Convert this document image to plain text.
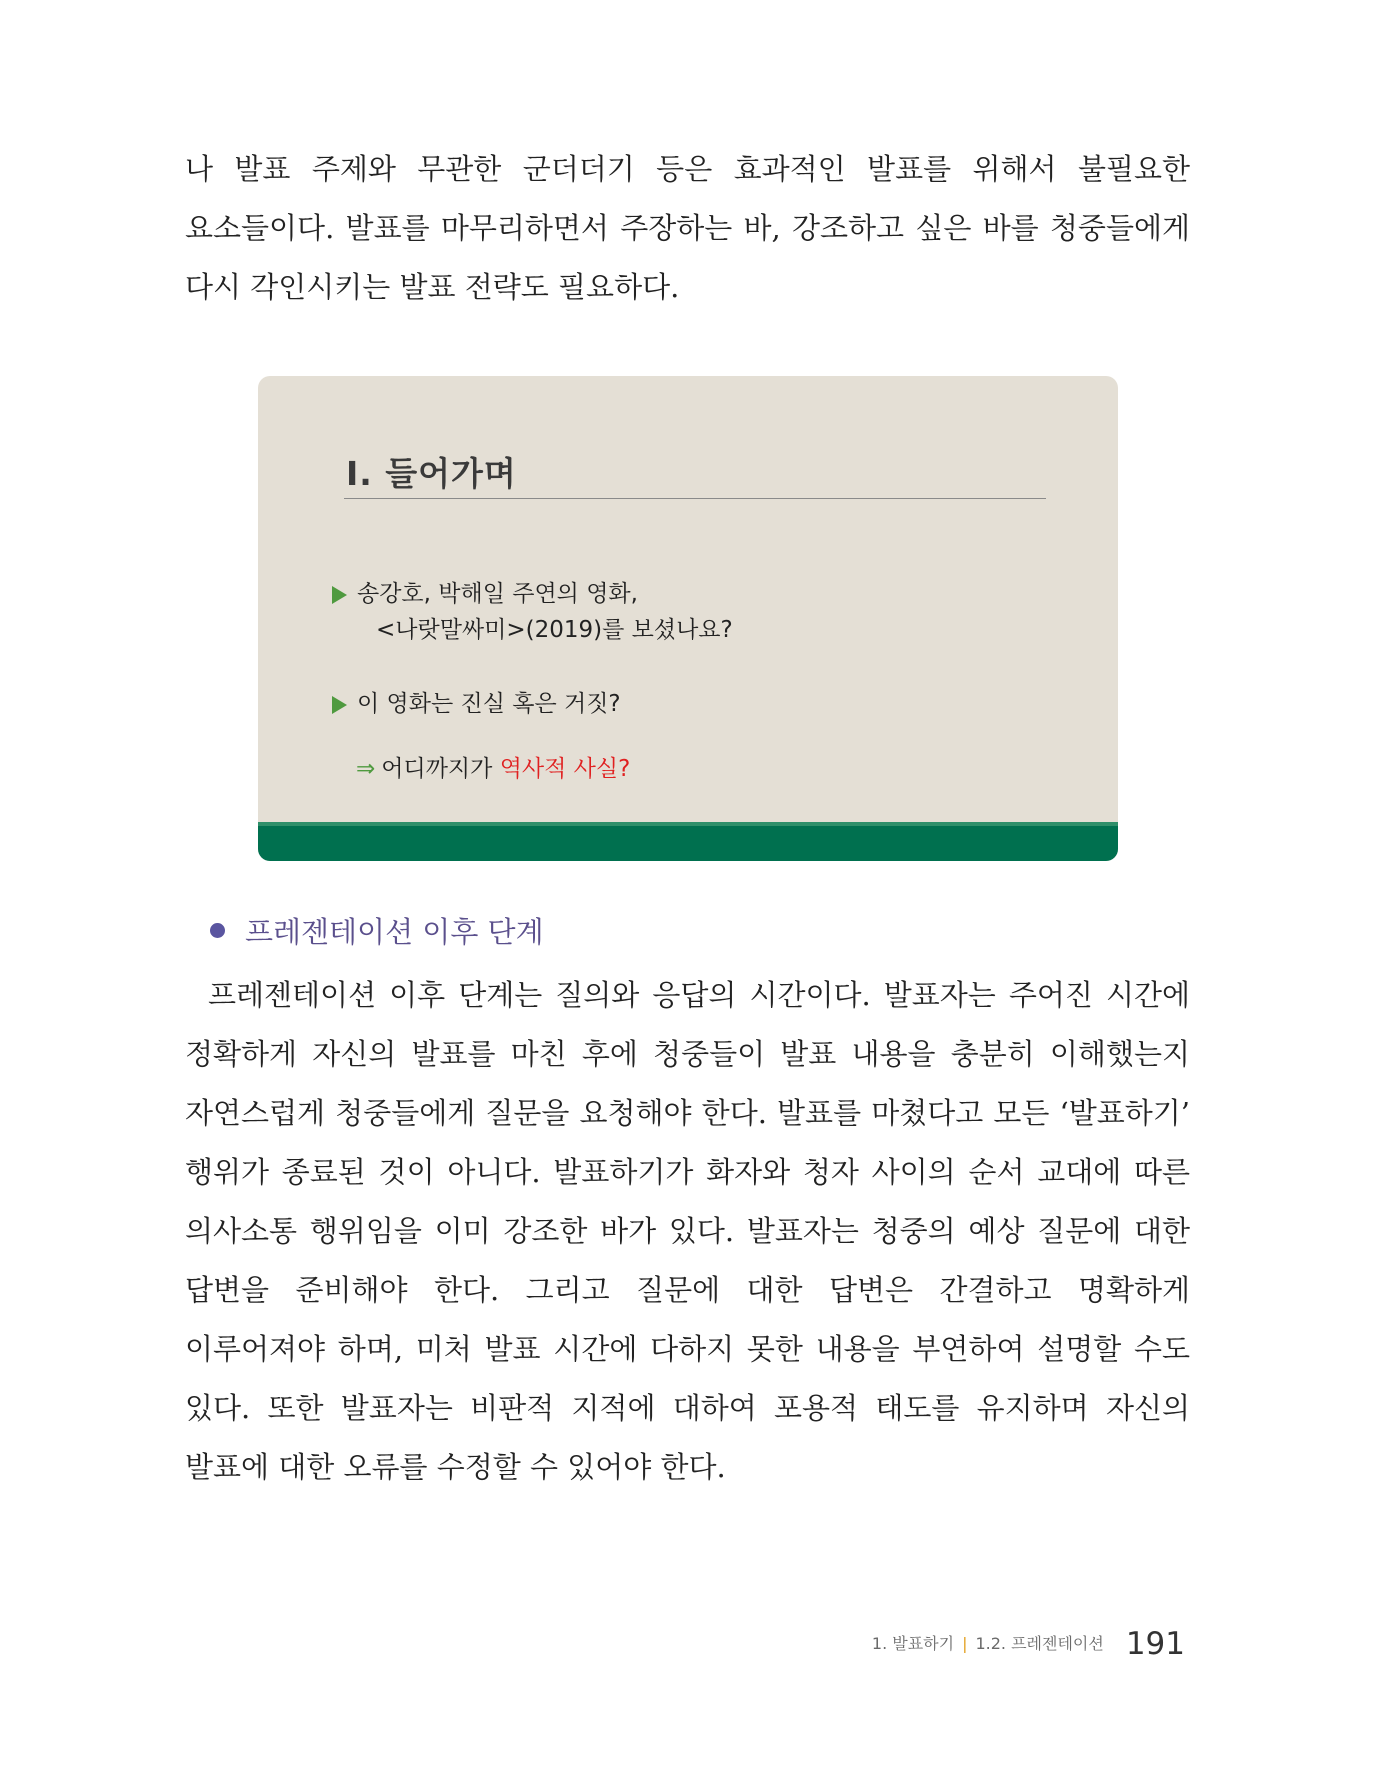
나 발표 주제와 무관한 군더더기 등은 효과적인 발표를 위해서 불필요한 요소들이다. 발표를 마무리하면서 주장하는 바, 강조하고 싶은 바를 청중들에게 다시 각인시키는 발표 전략도 필요하다.

Ⅰ. 들어가며
송강호, 박해일 주연의 영화,
<나랏말싸미>(2019)를 보셨나요?
이 영화는 진실 혹은 거짓?
⇒ 어디까지가 역사적 사실?
프레젠테이션 이후 단계

프레젠테이션 이후 단계는 질의와 응답의 시간이다. 발표자는 주어진 시간에 정확하게 자신의 발표를 마친 후에 청중들이 발표 내용을 충분히 이해했는지 자연스럽게 청중들에게 질문을 요청해야 한다. 발표를 마쳤다고 모든 ‘발표하기’ 행위가 종료된 것이 아니다. 발표하기가 화자와 청자 사이의 순서 교대에 따른 의사소통 행위임을 이미 강조한 바가 있다. 발표자는 청중의 예상 질문에 대한 답변을 준비해야 한다. 그리고 질문에 대한 답변은 간결하고 명확하게 이루어져야 하며, 미처 발표 시간에 다하지 못한 내용을 부연하여 설명할 수도 있다. 또한 발표자는 비판적 지적에 대하여 포용적 태도를 유지하며 자신의 발표에 대한 오류를 수정할 수 있어야 한다.

1. 발표하기 | 1.2. 프레젠테이션 191
